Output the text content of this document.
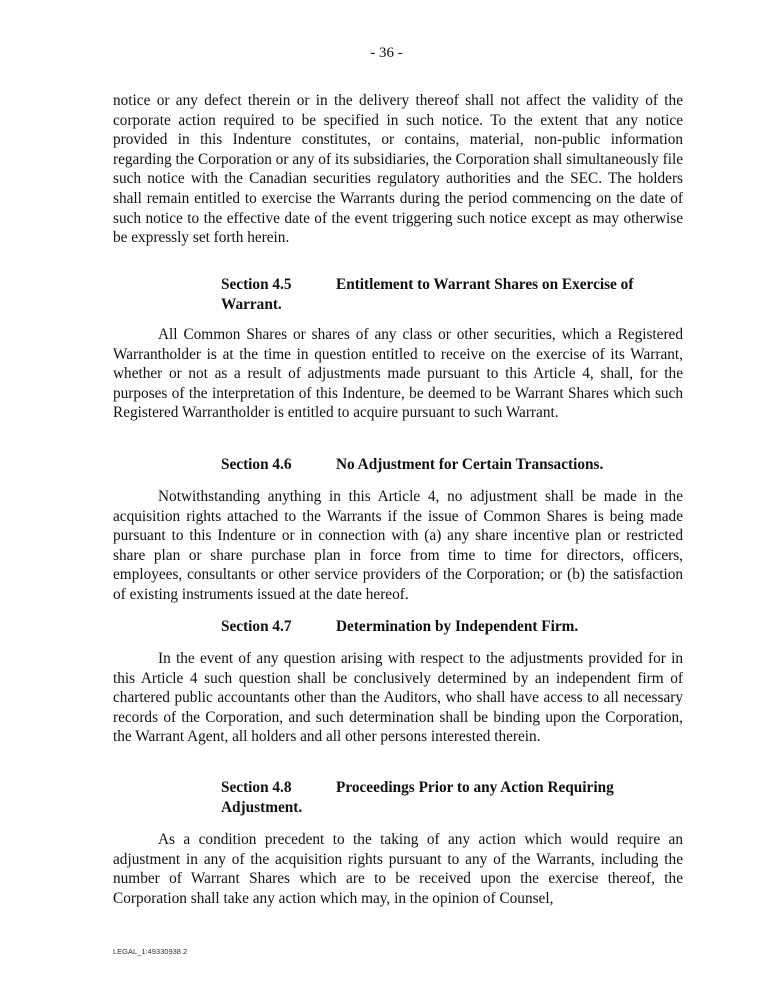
- 36 -

notice or any defect therein or in the delivery thereof shall not affect the validity of the corporate action required to be specified in such notice. To the extent that any notice provided in this Indenture constitutes, or contains, material, non-public information regarding the Corporation or any of its subsidiaries, the Corporation shall simultaneously file such notice with the Canadian securities regulatory authorities and the SEC. The holders shall remain entitled to exercise the Warrants during the period commencing on the date of such notice to the effective date of the event triggering such notice except as may otherwise be expressly set forth herein.

Section 4.5	Entitlement to Warrant Shares on Exercise of
Warrant.

All Common Shares or shares of any class or other securities, which a Registered Warrantholder is at the time in question entitled to receive on the exercise of its Warrant, whether or not as a result of adjustments made pursuant to this Article 4, shall, for the purposes of the interpretation of this Indenture, be deemed to be Warrant Shares which such Registered Warrantholder is entitled to acquire pursuant to such Warrant.

Section 4.6	No Adjustment for Certain Transactions.

Notwithstanding anything in this Article 4, no adjustment shall be made in the acquisition rights attached to the Warrants if the issue of Common Shares is being made pursuant to this Indenture or in connection with (a) any share incentive plan or restricted share plan or share purchase plan in force from time to time for directors, officers, employees, consultants or other service providers of the Corporation; or (b) the satisfaction of existing instruments issued at the date hereof.

Section 4.7	Determination by Independent Firm.

In the event of any question arising with respect to the adjustments provided for in this Article 4 such question shall be conclusively determined by an independent firm of chartered public accountants other than the Auditors, who shall have access to all necessary records of the Corporation, and such determination shall be binding upon the Corporation, the Warrant Agent, all holders and all other persons interested therein.

Section 4.8	Proceedings Prior to any Action Requiring
Adjustment.

As a condition precedent to the taking of any action which would require an adjustment in any of the acquisition rights pursuant to any of the Warrants, including the number of Warrant Shares which are to be received upon the exercise thereof, the Corporation shall take any action which may, in the opinion of Counsel,

LEGAL_1:49330938.2
